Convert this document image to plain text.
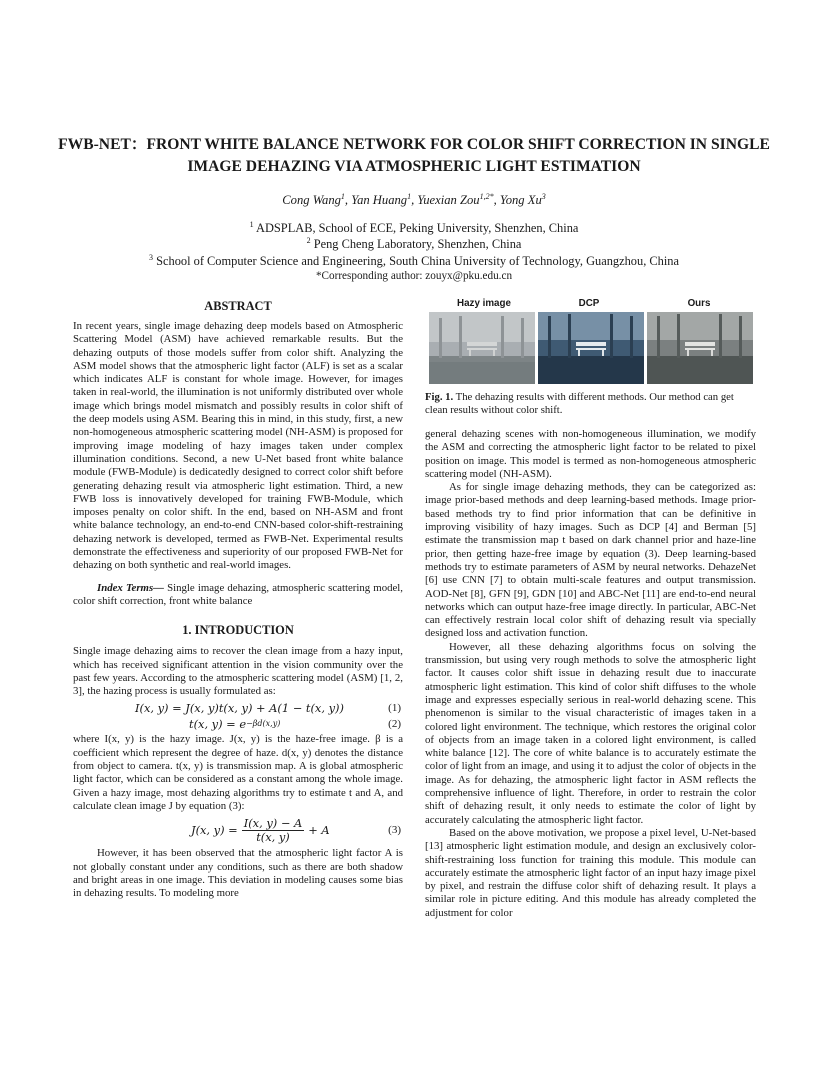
FWB-NET：FRONT WHITE BALANCE NETWORK FOR COLOR SHIFT CORRECTION IN SINGLE IMAGE DEHAZING VIA ATMOSPHERIC LIGHT ESTIMATION
Cong Wang$^1$, Yan Huang$^1$, Yuexian Zou$^{1,2*}$, Yong Xu$^3$

$^1$ ADSPLAB, School of ECE, Peking University, Shenzhen, China

$^2$ Peng Cheng Laboratory, Shenzhen, China

$^3$ School of Computer Science and Engineering, South China University of Technology, Guangzhou, China

*Corresponding author: zouyx@pku.edu.cn

ABSTRACT

In recent years, single image dehazing deep models based on Atmospheric Scattering Model (ASM) have achieved remarkable results. But the dehazing outputs of those models suffer from color shift. Analyzing the ASM model shows that the atmospheric light factor (ALF) is set as a scalar which indicates ALF is constant for whole image. However, for images taken in real-world, the illumination is not uniformly distributed over whole image which brings model mismatch and possibly results in color shift of the deep models using ASM. Bearing this in mind, in this study, first, a new non-homogeneous atmospheric scattering model (NH-ASM) is proposed for improving image modeling of hazy images taken under complex illumination conditions. Second, a new U-Net based front white balance module (FWB-Module) is dedicatedly designed to correct color shift before generating dehazing result via atmospheric light estimation. Third, a new FWB loss is innovatively developed for training FWB-Module, which imposes penalty on color shift. In the end, based on NH-ASM and front white balance technology, an end-to-end CNN-based color-shift-restraining dehazing network is developed, termed as FWB-Net. Experimental results demonstrate the effectiveness and superiority of our proposed FWB-Net for dehazing on both synthetic and real-world images.

Index Terms— Single image dehazing, atmospheric scattering model, color shift correction, front white balance

1. INTRODUCTION

Single image dehazing aims to recover the clean image from a hazy input, which has received significant attention in the vision community over the past few years. According to the atmospheric scattering model (ASM) [1, 2, 3], the hazing process is usually formulated as:

I(x, y) = J(x, y)t(x, y) + A(1 − t(x, y))	(1)
t(x, y) = e −βd(x,y)	(2)

where I(x, y) is the hazy image. J(x, y) is the haze-free image. β is a coefficient which represent the degree of haze. d(x, y) denotes the distance from object to camera. t(x, y) is transmission map. A is global atmospheric light factor, which can be considered as a constant among the whole image. Given a hazy image, most dehazing algorithms try to estimate t and A, and calculate clean image J by equation (3):

J(x, $y) = \frac{I(x, y) - A}{t(x, y)} + A$	(3)

However, it has been observed that the atmospheric light factor A is not globally constant under any conditions, such as there are both shadow and bright areas in one image. This deviation in modeling causes some bias in dehazing results. To modeling more

Hazy image	DCP	Ours

Fig. 1. The dehazing results with different methods. Our method can get clean results without color shift.

general dehazing scenes with non-homogeneous illumination, we modify the ASM and correcting the atmospheric light factor to be related to pixel position on image. This model is termed as non-homogeneous atmospheric scattering model (NH-ASM).

As for single image dehazing methods, they can be categorized as: image prior-based methods and deep learning-based methods. Image prior-based methods try to find prior information that can be definitive in improving visibility of hazy images. Such as DCP [4] and Berman [5] estimate the transmission map t based on dark channel prior and haze-line prior, then getting haze-free image by equation (3). Deep learning-based methods try to estimate parameters of ASM by neural networks. DehazeNet [6] use CNN [7] to obtain multi-scale features and output transmission. AOD-Net [8], GFN [9], GDN [10] and ABC-Net [11] are end-to-end neural networks which can output haze-free image directly. In particular, ABC-Net can effectively restrain local color shift of dehazing result via specially designed loss and activation function.

However, all these dehazing algorithms focus on solving the transmission, but using very rough methods to solve the atmospheric light factor. It causes color shift issue in dehazing result due to inaccurate atmospheric light estimation. This kind of color shift diffuses to the whole image and expresses especially serious in real-world dehazing scene. This phenomenon is similar to the visual characteristic of images taken in a colored light environment. The technique, which restores the original color of objects from an image taken in a colored light environment, is called white balance [12]. The core of white balance is to accurately estimate the color of light from an image, and using it to adjust the color of objects in the image. As for dehazing, the atmospheric light factor in ASM reflects the comprehensive influence of light. Therefore, in order to restrain the color shift of dehazing result, it only needs to estimate the color of light by accurately calculating the atmospheric light factor.

Based on the above motivation, we propose a pixel level, U-Net-based [13] atmospheric light estimation module, and design an exclusively color-shift-restraining loss function for training this module. This module can accurately estimate the atmospheric light factor of an input hazy image pixel by pixel, and restrain the diffuse color shift of dehazing result. It plays a similar role in picture editing. And this module has already completed the adjustment for color
